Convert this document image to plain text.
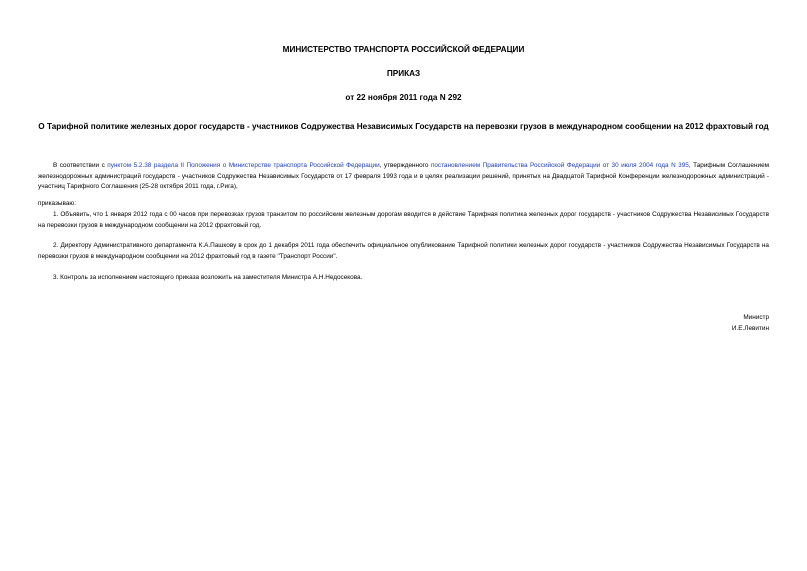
МИНИСТЕРСТВО ТРАНСПОРТА РОССИЙСКОЙ ФЕДЕРАЦИИ

ПРИКАЗ

от 22 ноября 2011 года N 292

О Тарифной политике железных дорог государств - участников Содружества Независимых Государств на перевозки грузов в международном сообщении на 2012 фрахтовый год

В соответствии с пунктом 5.2.38 раздела II Положения о Министерстве транспорта Российской Федерации, утвержденного постановлением Правительства Российской Федерации от 30 июля 2004 года N 395, Тарифным Соглашением железнодорожных администраций государств - участников Содружества Независимых Государств от 17 февраля 1993 года и в целях реализации решений, принятых на Двадцатой Тарифной Конференции железнодорожных администраций - участниц Тарифного Соглашения (25-28 октября 2011 года, г.Рига),

приказываю:

1. Объявить, что 1 января 2012 года с 00 часов при перевозках грузов транзитом по российским железным дорогам вводится в действие Тарифная политика железных дорог государств - участников Содружества Независимых Государств на перевозки грузов в международном сообщении на 2012 фрахтовый год.

2. Директору Административного департамента К.А.Пашкову в срок до 1 декабря 2011 года обеспечить официальное опубликование Тарифной политики железных дорог государств - участников Содружества Независимых Государств на перевозки грузов в международном сообщении на 2012 фрахтовый год в газете "Транспорт России".

3. Контроль за исполнением настоящего приказа возложить на заместителя Министра А.Н.Недосекова.

Министр

И.Е.Левитин
